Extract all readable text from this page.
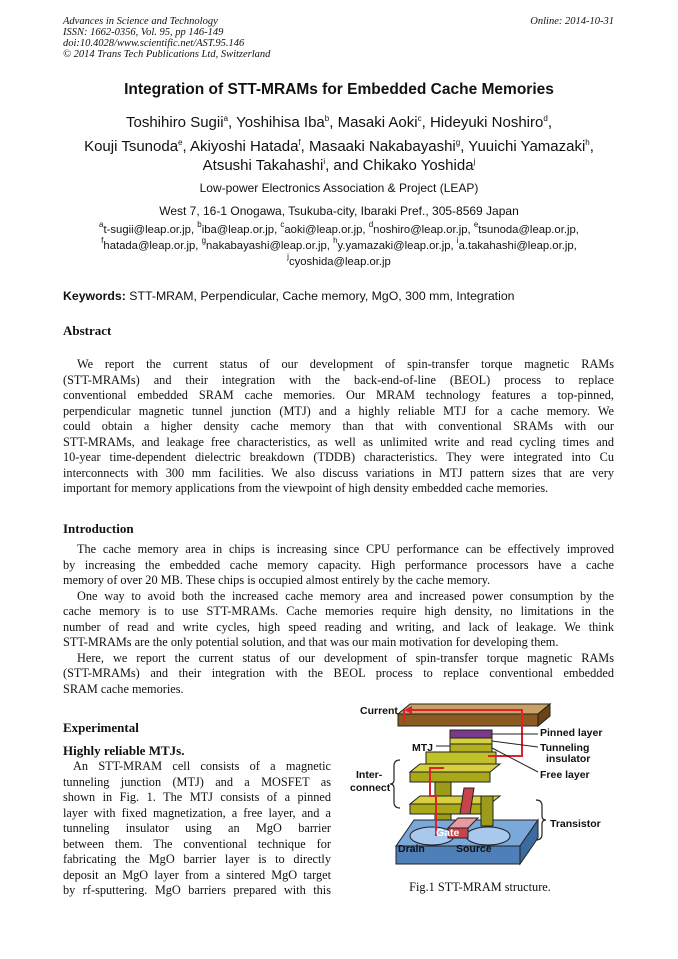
Advances in Science and Technology
ISSN: 1662-0356, Vol. 95, pp 146-149
doi:10.4028/www.scientific.net/AST.95.146
© 2014 Trans Tech Publications Ltd, Switzerland
Online: 2014-10-31
Integration of STT-MRAMs for Embedded Cache Memories
Toshihiro Sugii$^a$, Yoshihisa Iba$^b$, Masaki Aoki$^c$, Hideyuki Noshiro$^d$,
Kouji Tsunoda$^e$, Akiyoshi Hatada$^f$, Masaaki Nakabayashi$^g$, Yuuichi Yamazaki$^h$,
Atsushi Takahashi$^i$, and Chikako Yoshida$^j$
Low-power Electronics Association & Project (LEAP)
West 7, 16-1 Onogawa, Tsukuba-city, Ibaraki Pref., 305-8569 Japan
$^a$t-sugii@leap.or.jp, $^b$iba@leap.or.jp, $^c$aoki@leap.or.jp, $^d$noshiro@leap.or.jp, $^e$tsunoda@leap.or.jp,
$^f$hatada@leap.or.jp, $^g$nakabayashi@leap.or.jp, $^h$y.yamazaki@leap.or.jp, $^i$a.takahashi@leap.or.jp,
$^j$cyoshida@leap.or.jp
Keywords: STT-MRAM, Perpendicular, Cache memory, MgO, 300 mm, Integration
Abstract
We report the current status of our development of spin-transfer torque magnetic RAMs
(STT-MRAMs) and their integration with the back-end-of-line (BEOL) process to replace
conventional embedded SRAM cache memories. Our MRAM technology features a top-pinned,
perpendicular magnetic tunnel junction (MTJ) and a highly reliable MTJ for a cache memory. We
could obtain a higher density cache memory than that with conventional SRAMs with our
STT-MRAMs, and leakage free characteristics, as well as unlimited write and read cycling times and
10-year time-dependent dielectric breakdown (TDDB) characteristics. They were integrated into Cu
interconnects with 300 mm facilities. We also discuss variations in MTJ pattern sizes that are very
important for memory applications from the viewpoint of high density embedded cache memories.
Introduction
The cache memory area in chips is increasing since CPU performance can be effectively improved
by increasing the embedded cache memory capacity. High performance processors have a cache
memory of over 20 MB. These chips is occupied almost entirely by the cache memory.
One way to avoid both the increased cache memory area and increased power consumption by the
cache memory is to use STT-MRAMs. Cache memories require high density, no limitations in the
number of read and write cycles, high speed reading and writing, and lack of leakage. We think
STT-MRAMs are the only potential solution, and that was our main motivation for developing them.
Here, we report the current status of our development of spin-transfer torque magnetic RAMs
(STT-MRAMs) and their integration with the BEOL process to replace conventional embedded
SRAM cache memories.
Experimental
Highly reliable MTJs.
An STT-MRAM cell consists of a magnetic
tunneling junction (MTJ) and a MOSFET as
shown in Fig. 1. The MTJ consists of a pinned
layer with fixed magnetization, a free layer, and a
tunneling insulator using an MgO barrier
between them. The conventional technique for
fabricating the MgO barrier layer is to directly
deposit an MgO layer from a sintered MgO target
by rf-sputtering. MgO barriers prepared with this
Current
Pinned layer
Tunneling
insulator
Free layer
MTJ
Inter-
connect
Transistor
Gate
Drain	Source
Fig.1 STT-MRAM structure.
